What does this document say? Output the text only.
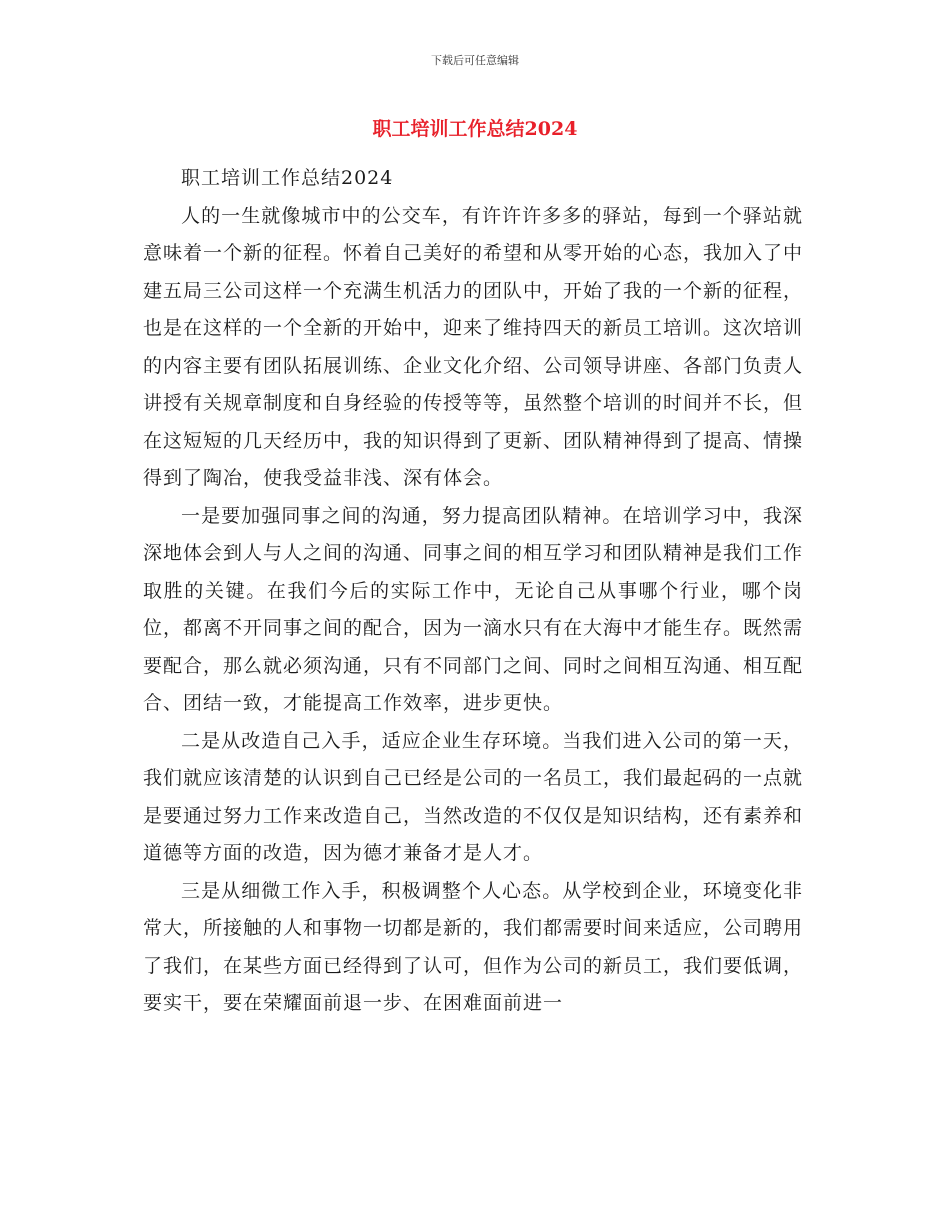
下载后可任意编辑
职工培训工作总结2024

职工培训工作总结2024

人的一生就像城市中的公交车，有许许许多多的驿站，每到一个驿站就意味着一个新的征程。怀着自己美好的希望和从零开始的心态，我加入了中建五局三公司这样一个充满生机活力的团队中，开始了我的一个新的征程，也是在这样的一个全新的开始中，迎来了维持四天的新员工培训。这次培训的内容主要有团队拓展训练、企业文化介绍、公司领导讲座、各部门负责人讲授有关规章制度和自身经验的传授等等，虽然整个培训的时间并不长，但在这短短的几天经历中，我的知识得到了更新、团队精神得到了提高、情操得到了陶冶，使我受益非浅、深有体会。

一是要加强同事之间的沟通，努力提高团队精神。在培训学习中，我深深地体会到人与人之间的沟通、同事之间的相互学习和团队精神是我们工作取胜的关键。在我们今后的实际工作中，无论自己从事哪个行业，哪个岗位，都离不开同事之间的配合，因为一滴水只有在大海中才能生存。既然需要配合，那么就必须沟通，只有不同部门之间、同时之间相互沟通、相互配合、团结一致，才能提高工作效率，进步更快。

二是从改造自己入手，适应企业生存环境。当我们进入公司的第一天，我们就应该清楚的认识到自己已经是公司的一名员工，我们最起码的一点就是要通过努力工作来改造自己，当然改造的不仅仅是知识结构，还有素养和道德等方面的改造，因为德才兼备才是人才。

三是从细微工作入手，积极调整个人心态。从学校到企业，环境变化非常大，所接触的人和事物一切都是新的，我们都需要时间来适应，公司聘用了我们，在某些方面已经得到了认可，但作为公司的新员工，我们要低调，要实干，要在荣耀面前退一步、在困难面前进一
